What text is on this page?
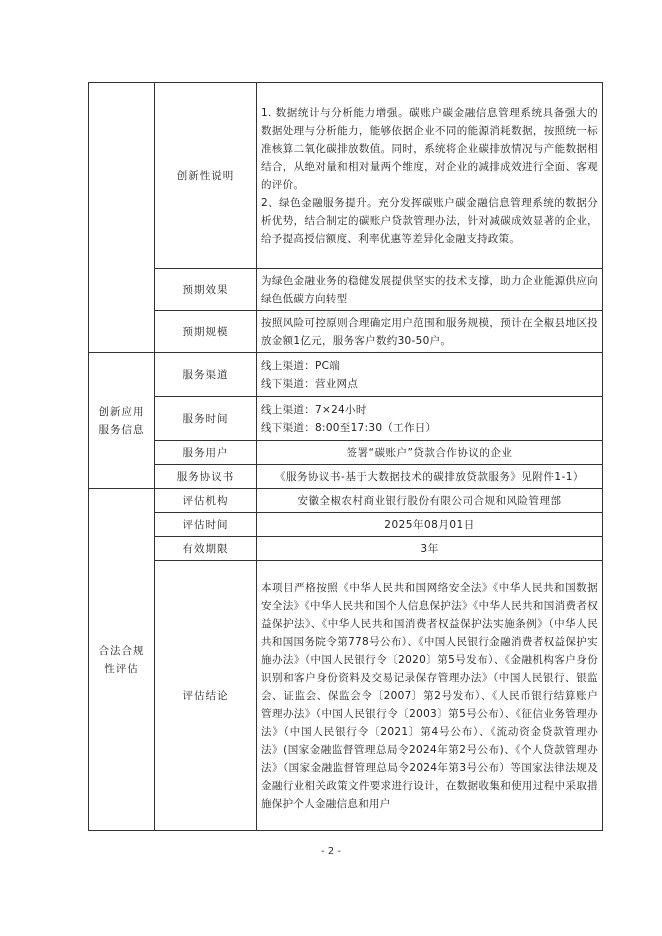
	创新性说明	1. 数据统计与分析能力增强。碳账户碳金融信息管理系统具备强大的数据处理与分析能力，能够依据企业不同的能源消耗数据，按照统一标准核算二氧化碳排放数值。同时，系统将企业碳排放情况与产能数据相结合，从绝对量和相对量两个维度，对企业的减排成效进行全面、客观的评价。

2、绿色金融服务提升。充分发挥碳账户碳金融信息管理系统的数据分析优势，结合制定的碳账户贷款管理办法，针对减碳成效显著的企业，给予提高授信额度、利率优惠等差异化金融支持政策。

	预期效果	为绿色金融业务的稳健发展提供坚实的技术支撑，助力企业能源供应向绿色低碳方向转型
	预期规模	按照风险可控原则合理确定用户范围和服务规模，预计在全椒县地区投放金额1亿元，服务客户数约30-50户。
创新应用服务信息	服务渠道	线上渠道：PC端

线下渠道：营业网点

	服务时间	线上渠道：7×24小时

线下渠道：8:00至17:30（工作日）

	服务用户	签署“碳账户”贷款合作协议的企业
	服务协议书	《服务协议书-基于大数据技术的碳排放贷款服务》见附件1-1）
合法合规性评估	评估机构	安徽全椒农村商业银行股份有限公司合规和风险管理部
	评估时间	2025年08月01日
	有效期限	3年
	评估结论	本项目严格按照《中华人民共和国网络安全法》《中华人民共和国数据安全法》《中华人民共和国个人信息保护法》《中华人民共和国消费者权益保护法》、《中华人民共和国消费者权益保护法实施条例》（中华人民共和国国务院令第778号公布）、《中国人民银行金融消费者权益保护实施办法》（中国人民银行令〔2020〕第5号发布）、《金融机构客户身份识别和客户身份资料及交易记录保存管理办法》（中国人民银行、银监会、证监会、保监会令〔2007〕第2号发布）、《人民币银行结算账户管理办法》（中国人民银行令〔2003〕第5号公布）、《征信业务管理办法》（中国人民银行令〔2021〕第4号公布）、《流动资金贷款管理办法》(国家金融监督管理总局令2024年第2号公布)、《个人贷款管理办法》（国家金融监督管理总局令2024年第3号公布）等国家法律法规及金融行业相关政策文件要求进行设计，在数据收集和使用过程中采取措施保护个人金融信息和用户
- 2 -
